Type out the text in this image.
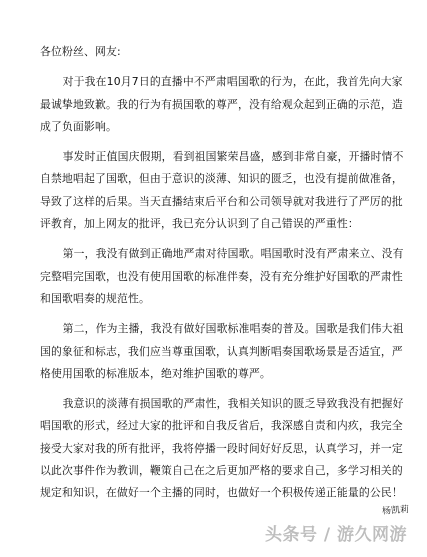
各位粉丝、网友:

对于我在10月7日的直播中不严肃唱国歌的行为，在此，我首先向大家最诚挚地致歉。我的行为有损国歌的尊严，没有给观众起到正确的示范，造成了负面影响。

事发时正值国庆假期，看到祖国繁荣昌盛，感到非常自豪，开播时情不自禁地唱起了国歌，但由于意识的淡薄、知识的匮乏，也没有提前做准备，导致了这样的后果。当天直播结束后平台和公司领导就对我进行了严厉的批评教育，加上网友的批评，我已充分认识到了自己错误的严重性：

第一，我没有做到正确地严肃对待国歌。唱国歌时没有严肃来立、没有完整唱完国歌，也没有使用国歌的标准伴奏，没有充分维护好国歌的严肃性和国歌唱奏的规范性。

第二，作为主播，我没有做好国歌标准唱奏的普及。国歌是我们伟大祖国的象征和标志，我们应当尊重国歌，认真判断唱奏国歌场景是否适宜，严格使用国歌的标准版本，绝对维护国歌的尊严。

我意识的淡薄有损国歌的严肃性，我相关知识的匮乏导致我没有把握好唱国歌的形式，经过大家的批评和自我反省后，我深感自责和内疚，我完全接受大家对我的所有批评，我将停播一段时间好好反思，认真学习，并一定以此次事件作为教训，鞭策自己在之后更加严格的要求自己，多学习相关的规定和知识，在做好一个主播的同时，也做好一个积极传递正能量的公民！

杨凯莉
头条号 / 游久网游
